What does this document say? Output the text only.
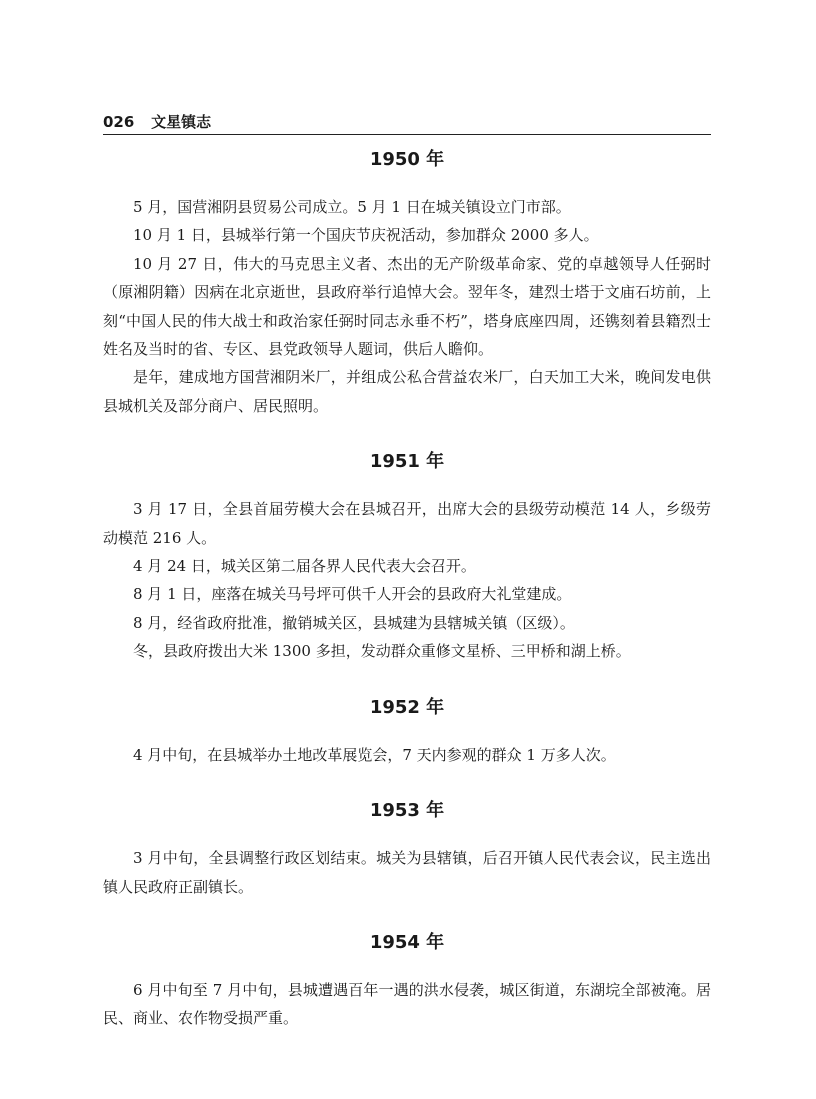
026 文星镇志
1950 年

5 月，国营湘阴县贸易公司成立。5 月 1 日在城关镇设立门市部。

10 月 1 日，县城举行第一个国庆节庆祝活动，参加群众 2000 多人。

10 月 27 日，伟大的马克思主义者、杰出的无产阶级革命家、党的卓越领导人任弼时（原湘阴籍）因病在北京逝世，县政府举行追悼大会。翌年冬，建烈士塔于文庙石坊前，上刻“中国人民的伟大战士和政治家任弼时同志永垂不朽”，塔身底座四周，还镌刻着县籍烈士姓名及当时的省、专区、县党政领导人题词，供后人瞻仰。

是年，建成地方国营湘阴米厂，并组成公私合营益农米厂，白天加工大米，晚间发电供县城机关及部分商户、居民照明。

1951 年

3 月 17 日，全县首届劳模大会在县城召开，出席大会的县级劳动模范 14 人，乡级劳动模范 216 人。

4 月 24 日，城关区第二届各界人民代表大会召开。

8 月 1 日，座落在城关马号坪可供千人开会的县政府大礼堂建成。

8 月，经省政府批准，撤销城关区，县城建为县辖城关镇（区级）。

冬，县政府拨出大米 1300 多担，发动群众重修文星桥、三甲桥和湖上桥。

1952 年

4 月中旬，在县城举办土地改革展览会，7 天内参观的群众 1 万多人次。

1953 年

3 月中旬，全县调整行政区划结束。城关为县辖镇，后召开镇人民代表会议，民主选出镇人民政府正副镇长。

1954 年

6 月中旬至 7 月中旬，县城遭遇百年一遇的洪水侵袭，城区街道，东湖垸全部被淹。居民、商业、农作物受损严重。
